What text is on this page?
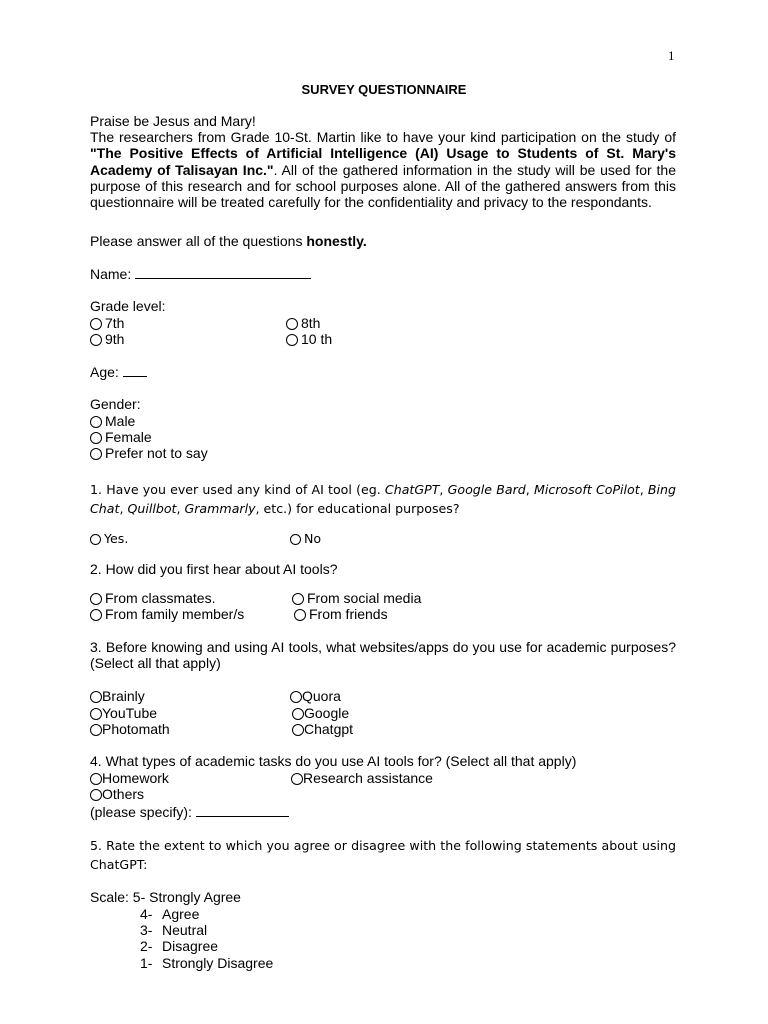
1
SURVEY QUESTIONNAIRE
Praise be Jesus and Mary!
The researchers from Grade 10-St. Martin like to have your kind participation on the study of "The Positive Effects of Artificial Intelligence (AI) Usage to Students of St. Mary's Academy of Talisayan Inc.". All of the gathered information in the study will be used for the purpose of this research and for school purposes alone. All of the gathered answers from this questionnaire will be treated carefully for the confidentiality and privacy to the respondants.
Please answer all of the questions honestly.
Name:
Grade level:
7th	8th
9th	10 th
Age:
Gender:
Male
Female
Prefer not to say
1. Have you ever used any kind of AI tool (eg. ChatGPT, Google Bard, Microsoft CoPilot, Bing Chat, Quillbot, Grammarly, etc.) for educational purposes?
Yes.	No
2. How did you first hear about AI tools?
From classmates.	From social media
From family member/s	From friends
3. Before knowing and using AI tools, what websites/apps do you use for academic purposes? (Select all that apply)
Brainly	Quora
YouTube	Google
Photomath	Chatgpt
4. What types of academic tasks do you use AI tools for? (Select all that apply)
Homework	Research assistance
Others
(please specify):
5. Rate the extent to which you agree or disagree with the following statements about using ChatGPT:
Scale: 5- Strongly Agree
4- Agree
3- Neutral
2- Disagree
1- Strongly Disagree
